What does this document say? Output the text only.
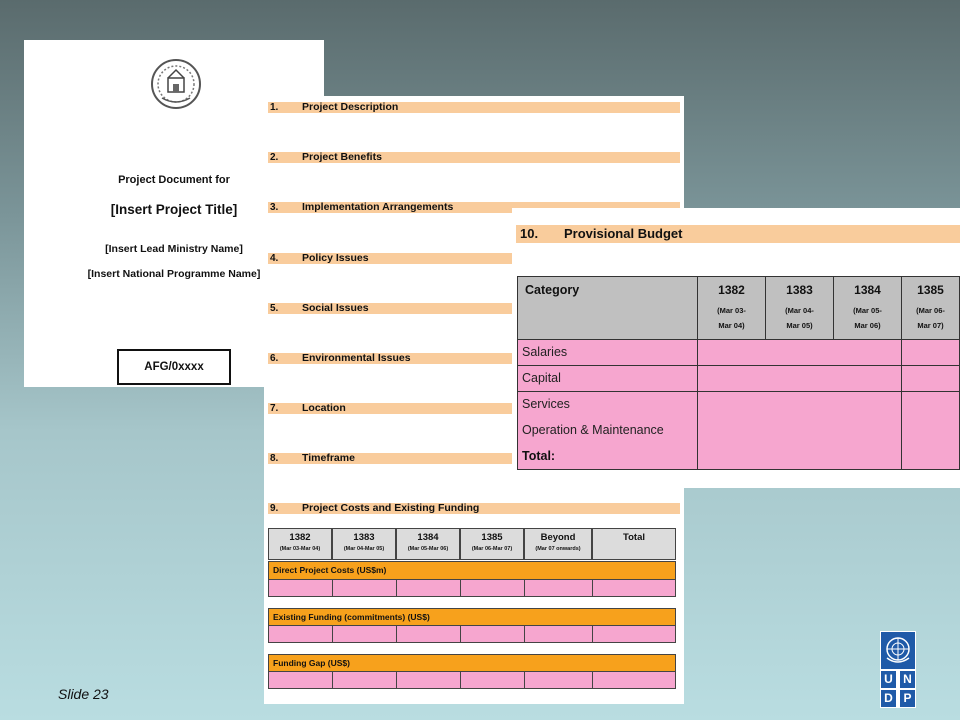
Project Document for
[Insert Project Title]
[Insert Lead Ministry Name]
[Insert National Programme Name]
AFG/0xxxx
1. Project Description
2. Project Benefits
3. Implementation Arrangements
4. Policy Issues
5. Social Issues
6. Environmental Issues
7. Location
8. Timeframe
9. Project Costs and Existing Funding
1382
(Mar 03-Mar 04)
1383
(Mar 04-Mar 05)
1384
(Mar 05-Mar 06)
1385
(Mar 06-Mar 07)
Beyond
(Mar 07 onwards)
Total
Direct Project Costs (US$m)
Existing Funding (commitments) (US$)
Funding Gap (US$)
10. Provisional Budget
Category	1382
(Mar 03-
Mar 04)
1383
(Mar 04-
Mar 05)
1384
(Mar 05-
Mar 06)
1385
(Mar 06-
Mar 07)
Salaries
Capital
Services
Operation & Maintenance
Total:
Slide 23
U N
D P
